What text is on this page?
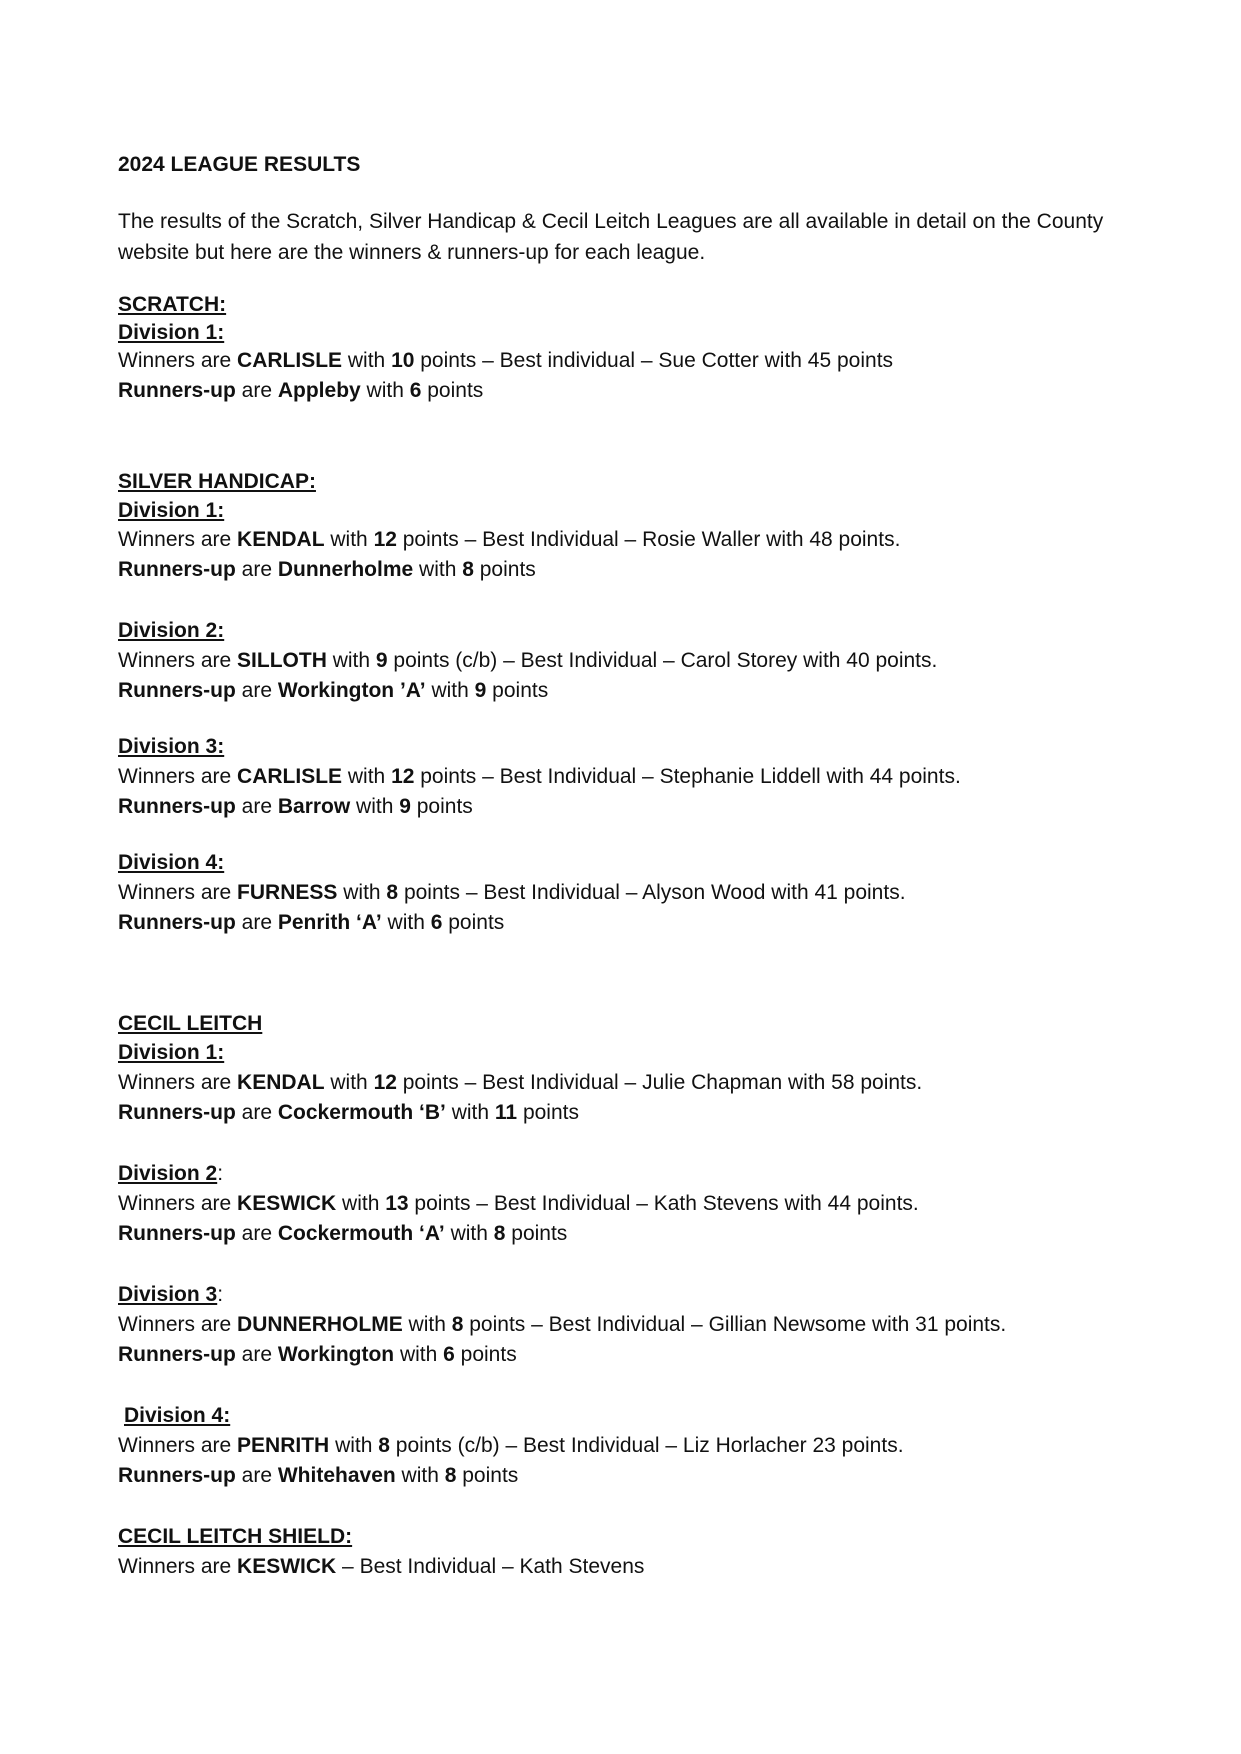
2024 LEAGUE RESULTS
The results of the Scratch, Silver Handicap & Cecil Leitch Leagues are all available in detail on the County website but here are the winners & runners-up for each league.
SCRATCH:
Division 1:
Winners are CARLISLE with 10 points – Best individual – Sue Cotter with 45 points
Runners-up are Appleby with 6 points
SILVER HANDICAP:
Division 1:
Winners are KENDAL with 12 points – Best Individual – Rosie Waller with 48 points.
Runners-up are Dunnerholme with 8 points
Division 2:
Winners are SILLOTH with 9 points (c/b) – Best Individual – Carol Storey with 40 points.
Runners-up are Workington ’A’ with 9 points
Division 3:
Winners are CARLISLE with 12 points – Best Individual – Stephanie Liddell with 44 points.
Runners-up are Barrow with 9 points
Division 4:
Winners are FURNESS with 8 points – Best Individual – Alyson Wood with 41 points.
Runners-up are Penrith ‘A’ with 6 points
CECIL LEITCH
Division 1:
Winners are KENDAL with 12 points – Best Individual – Julie Chapman with 58 points.
Runners-up are Cockermouth ‘B’ with 11 points
Division 2:
Winners are KESWICK with 13 points – Best Individual – Kath Stevens with 44 points.
Runners-up are Cockermouth ‘A’ with 8 points
Division 3:
Winners are DUNNERHOLME with 8 points – Best Individual – Gillian Newsome with 31 points.
Runners-up are Workington with 6 points
Division 4:
Winners are PENRITH with 8 points (c/b) – Best Individual – Liz Horlacher 23 points.
Runners-up are Whitehaven with 8 points
CECIL LEITCH SHIELD:
Winners are KESWICK – Best Individual – Kath Stevens
